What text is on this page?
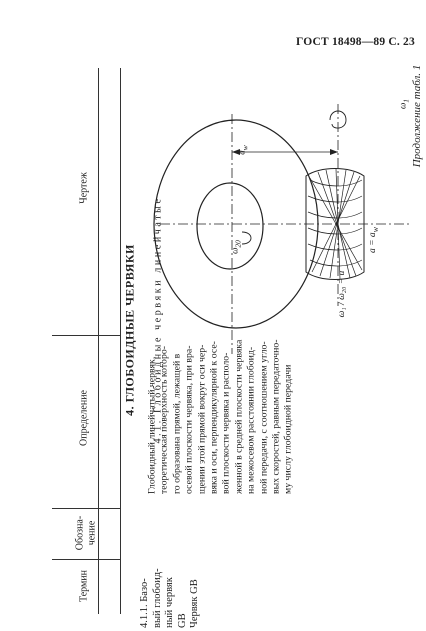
ГОСТ 18498—89 С. 23
Продолжение табл. 1
Термин
Обозна- чение
Определение
Чертеж
4. ГЛОБОИДНЫЕ ЧЕРВЯКИ 4.1. Глобоидные червяки линейчатые
4.1.1. Базо- вый глобоид- ный червяк GB Червяк GB
Глобоидный линейчатый червяк, теоретическая поверхность которо- го образована прямой, лежащей в осевой плоскости червяка, при вра- щении этой прямой вокруг оси чер- вяка и оси, перпендикулярной к осе- вой плоскости червяка и располо- женной в средней плоскости червяка на межосевом расстоянии глобоид- ной передачи, с соотношением угло- вых скоростей, равным передаточно- му числу глобоидной передачи
$a_w$
$\omega_1$
$\omega_{20}$
ω₁ / ω₂₀ = u
$a = a_w$
